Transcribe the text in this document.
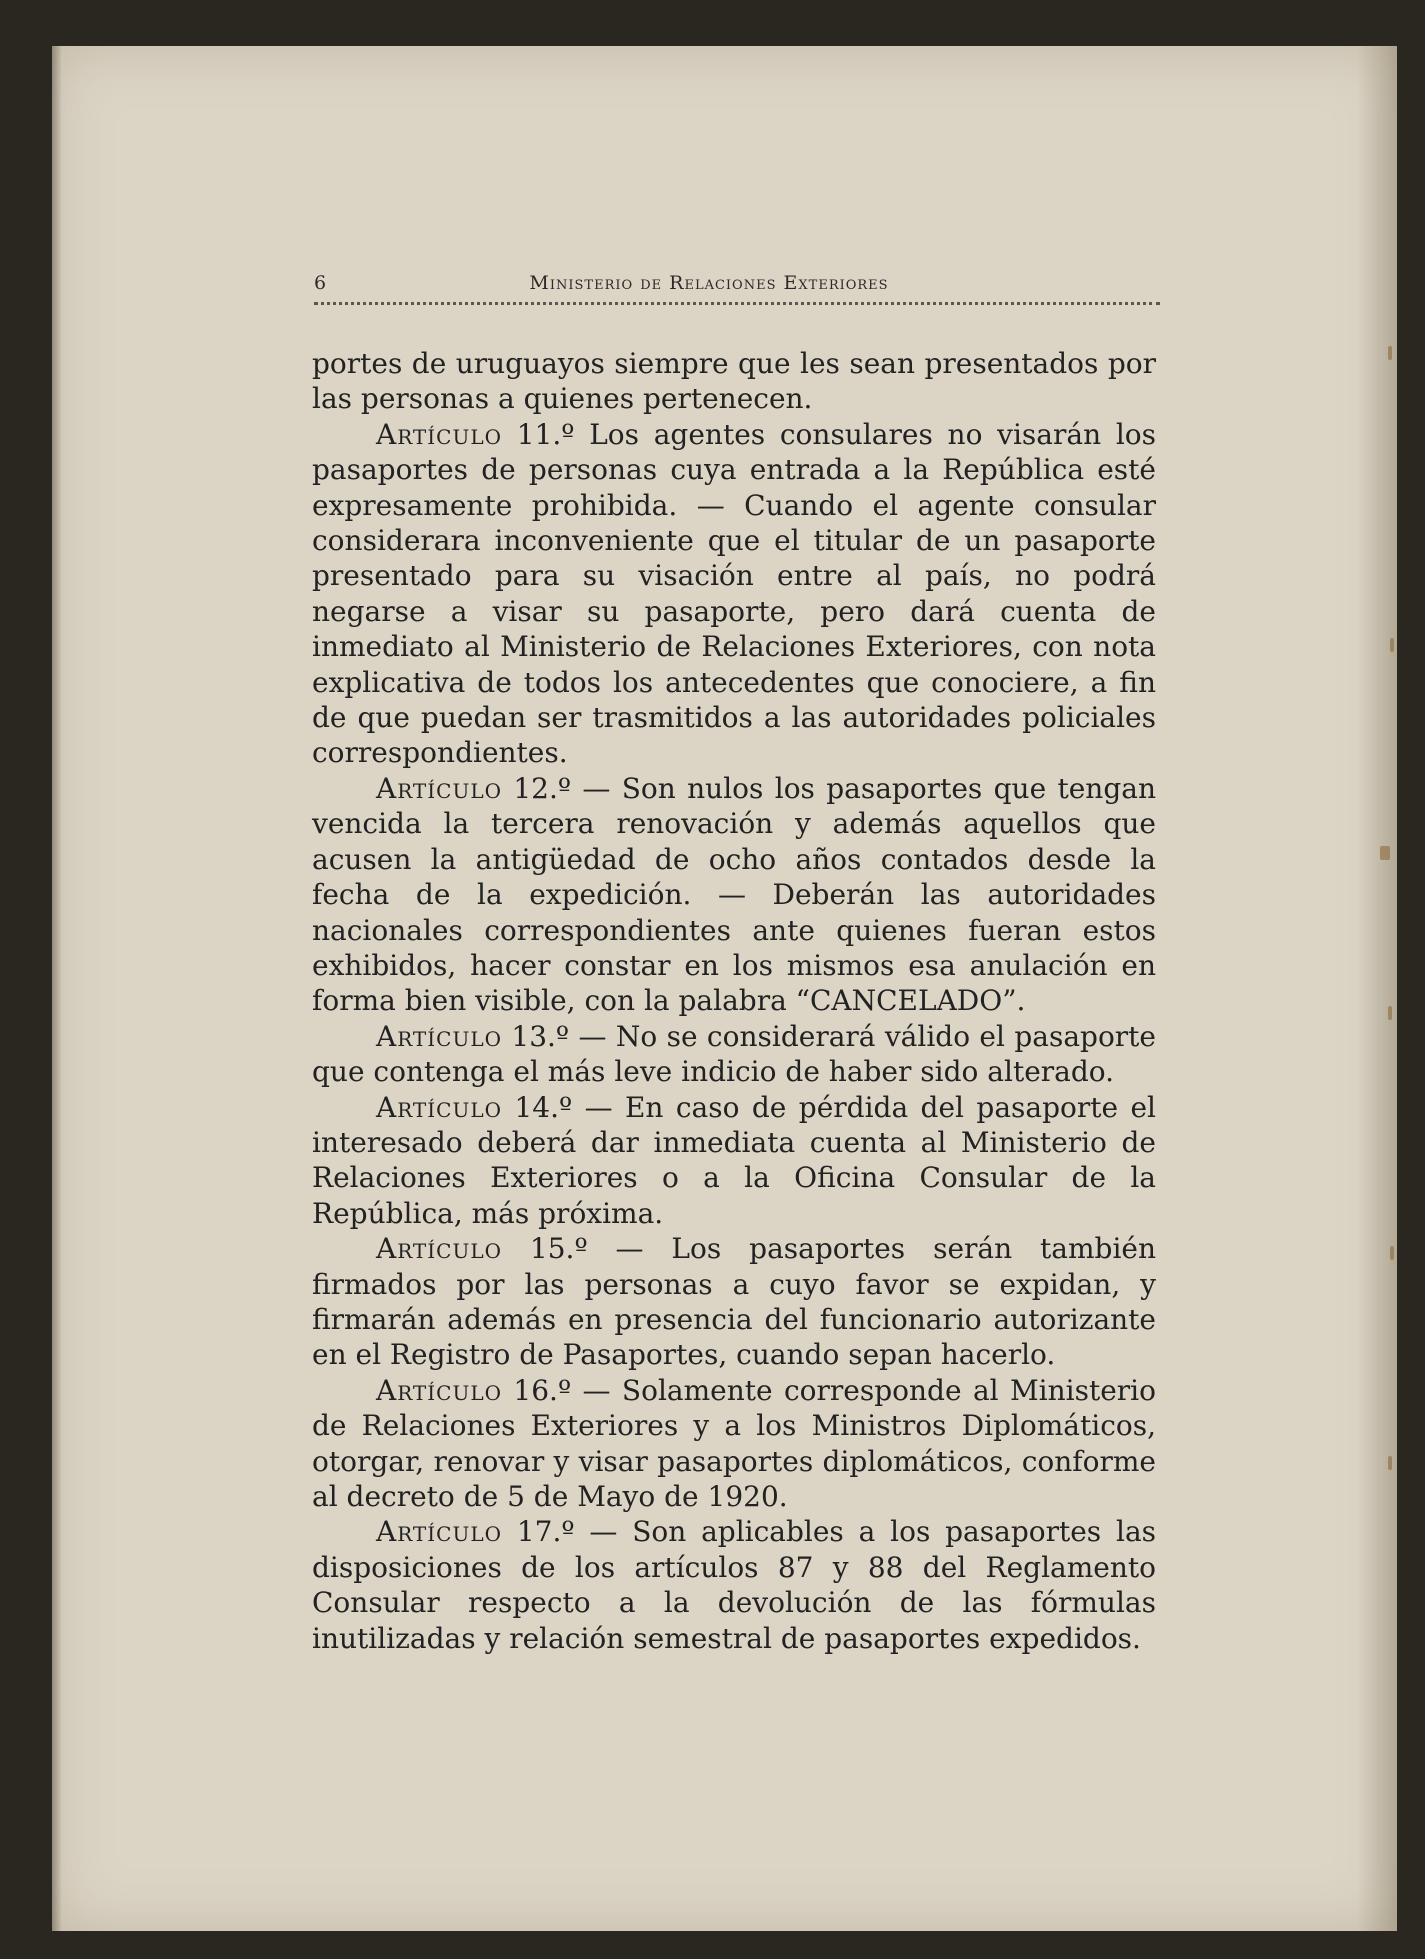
6	Ministerio de Relaciones Exteriores

portes de uruguayos siempre que les sean presentados por las personas a quienes pertenecen.

Artículo 11.º Los agentes consulares no visarán los pasaportes de personas cuya entrada a la República esté expresamente prohibida. — Cuando el agente consular considerara inconveniente que el titular de un pasaporte presentado para su visación entre al país, no podrá negarse a visar su pasaporte, pero dará cuenta de inmediato al Ministerio de Relaciones Exteriores, con nota explicativa de todos los antecedentes que conociere, a fin de que puedan ser trasmitidos a las autoridades policiales correspondientes.

Artículo 12.º — Son nulos los pasaportes que tengan vencida la tercera renovación y además aquellos que acusen la antigüedad de ocho años contados desde la fecha de la expedición. — Deberán las autoridades nacionales correspondientes ante quienes fueran estos exhibidos, hacer constar en los mismos esa anulación en forma bien visible, con la palabra “CANCELADO”.

Artículo 13.º — No se considerará válido el pasaporte que contenga el más leve indicio de haber sido alterado.

Artículo 14.º — En caso de pérdida del pasaporte el interesado deberá dar inmediata cuenta al Ministerio de Relaciones Exteriores o a la Oficina Consular de la República, más próxima.

Artículo 15.º — Los pasaportes serán también firmados por las personas a cuyo favor se expidan, y firmarán además en presencia del funcionario autorizante en el Registro de Pasaportes, cuando sepan hacerlo.

Artículo 16.º — Solamente corresponde al Ministerio de Relaciones Exteriores y a los Ministros Diplomáticos, otorgar, renovar y visar pasaportes diplomáticos, conforme al decreto de 5 de Mayo de 1920.

Artículo 17.º — Son aplicables a los pasaportes las disposiciones de los artículos 87 y 88 del Reglamento Consular respecto a la devolución de las fórmulas inutilizadas y relación semestral de pasaportes expedidos.
